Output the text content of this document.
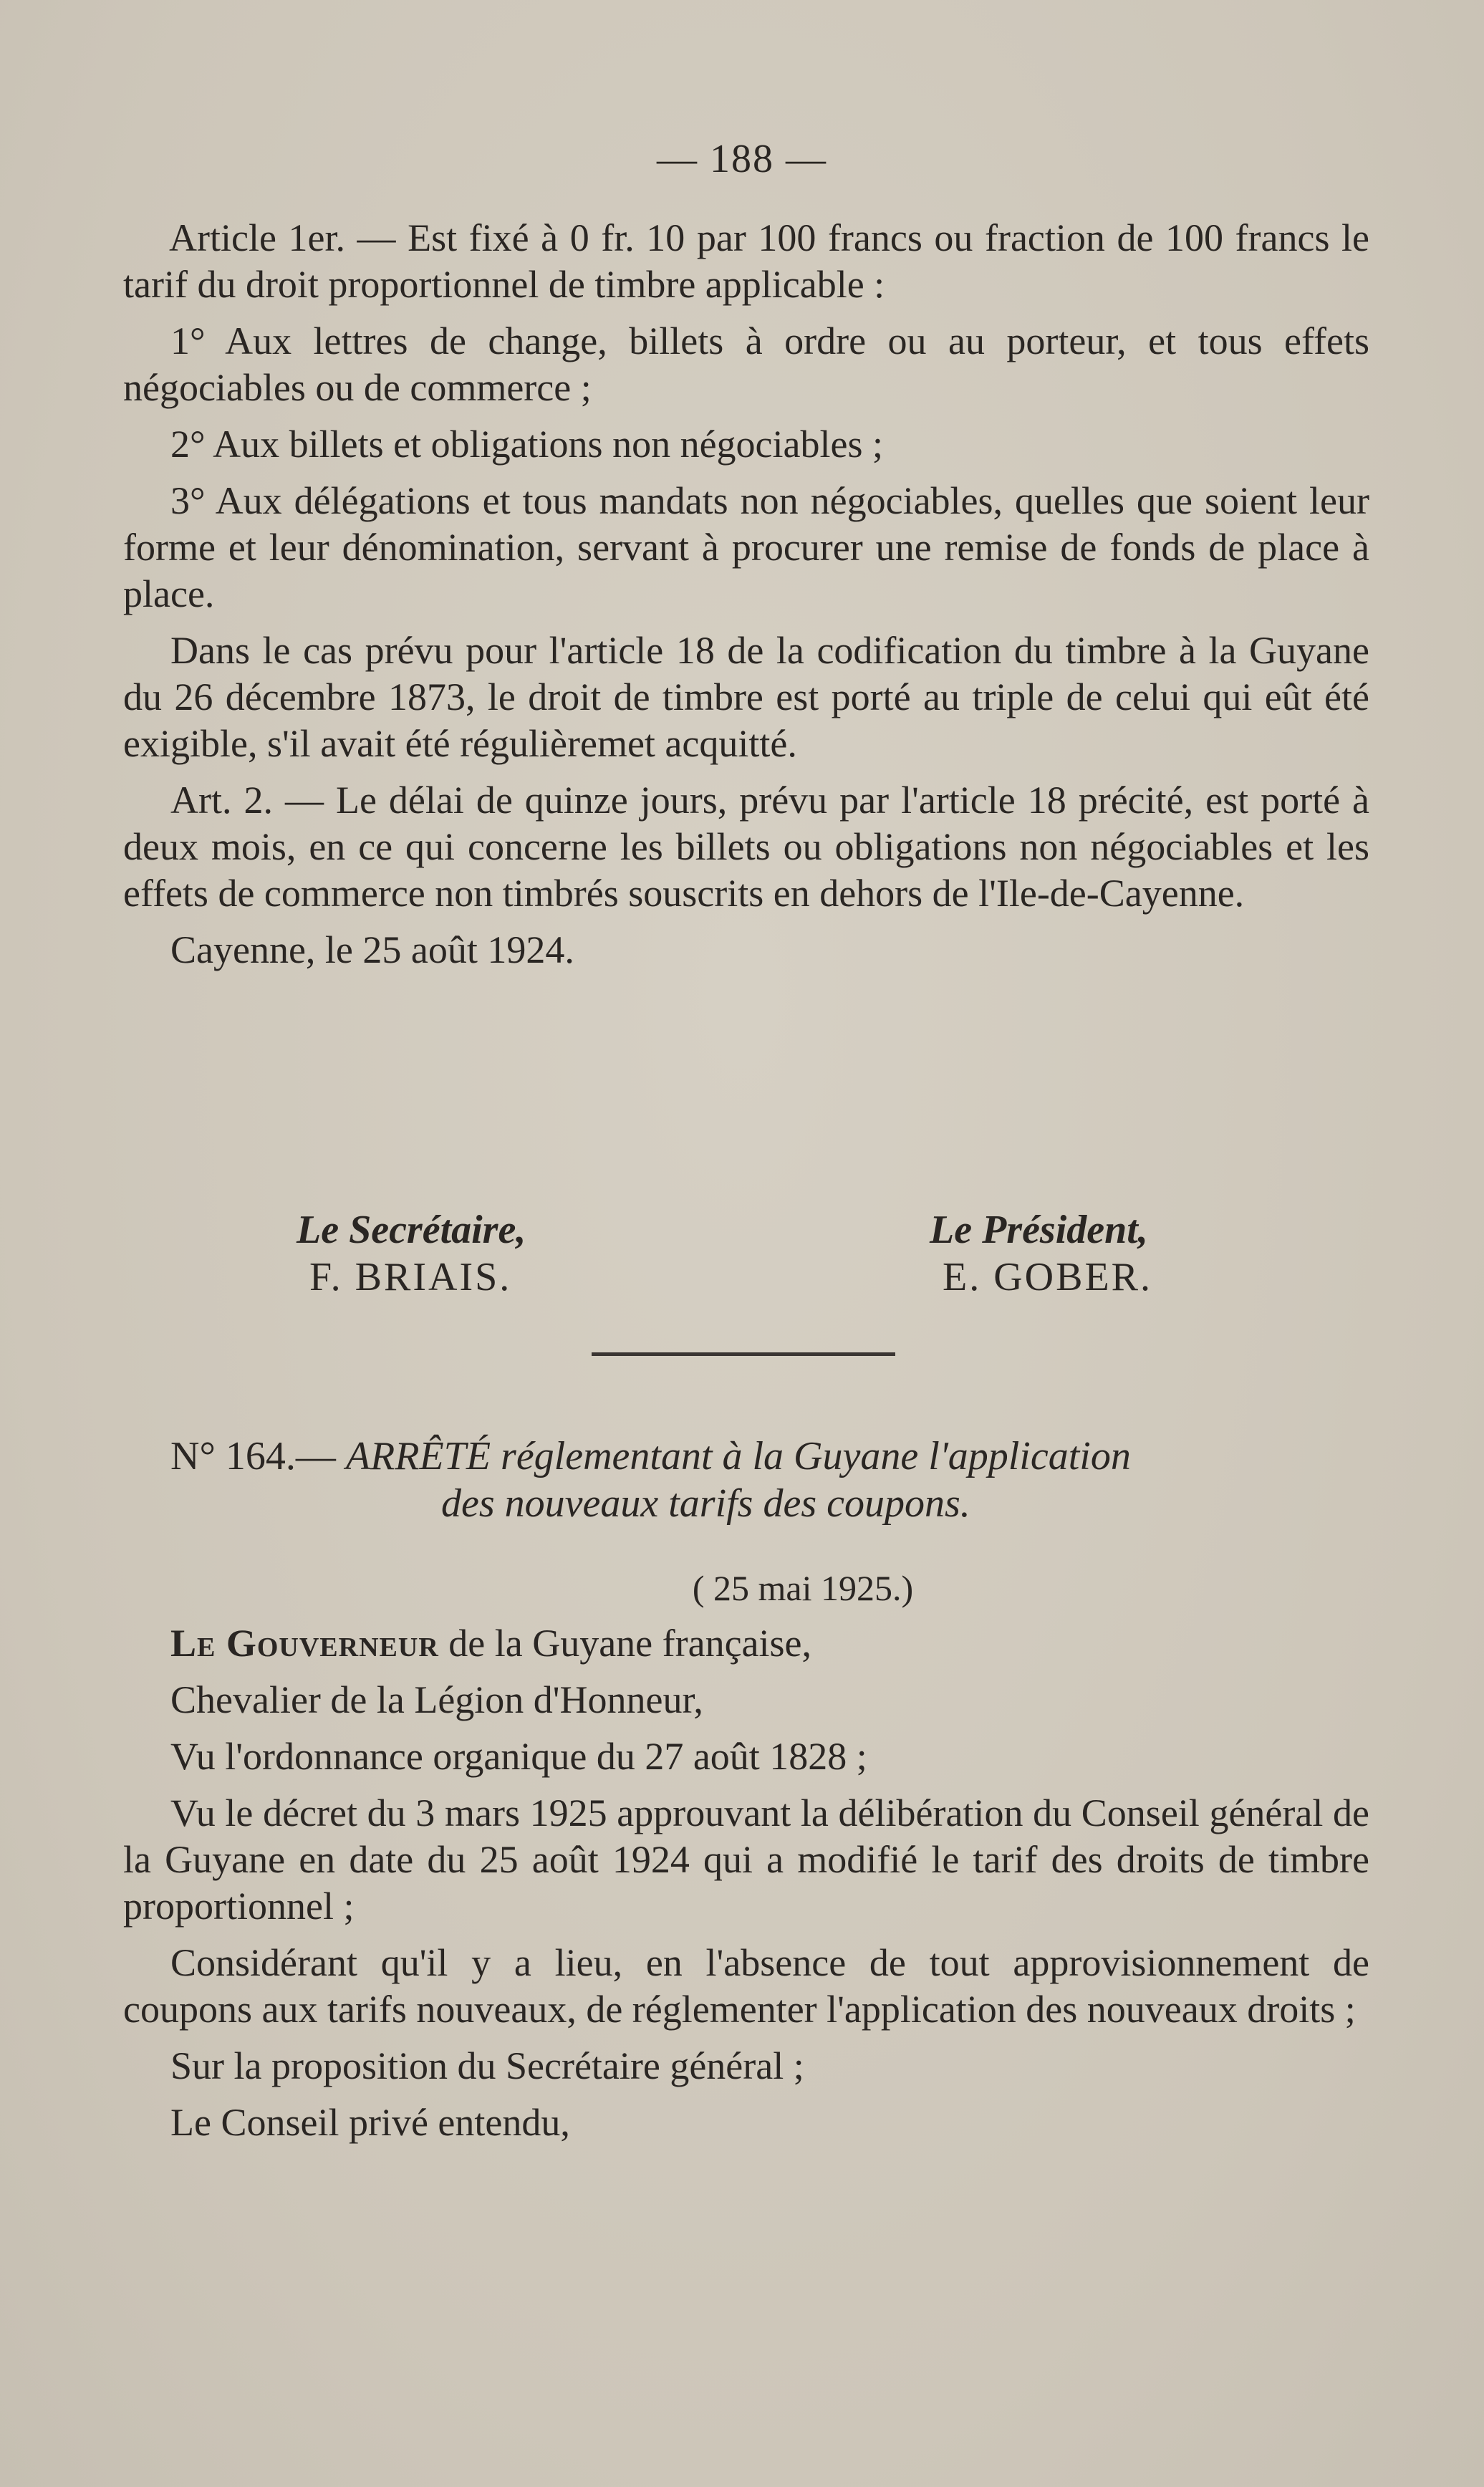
— 188 —

Article 1er. — Est fixé à 0 fr. 10 par 100 francs ou fraction de 100 francs le tarif du droit proportionnel de timbre applicable :

1° Aux lettres de change, billets à ordre ou au porteur, et tous effets négociables ou de commerce ;

2° Aux billets et obligations non négociables ;

3° Aux délégations et tous mandats non négociables, quelles que soient leur forme et leur dénomination, servant à procurer une remise de fonds de place à place.

Dans le cas prévu pour l'article 18 de la codification du timbre à la Guyane du 26 décembre 1873, le droit de timbre est porté au triple de celui qui eût été exigible, s'il avait été régulièremet acquitté.

Art. 2. — Le délai de quinze jours, prévu par l'article 18 précité, est porté à deux mois, en ce qui concerne les billets ou obligations non négociables et les effets de commerce non timbrés souscrits en dehors de l'Ile-de-Cayenne.

Cayenne, le 25 août 1924.

Le Secrétaire,
F. BRIAIS.
Le Président,
E. GOBER.
N° 164.— ARRÊTÉ réglementant à la Guyane l'application
des nouveaux tarifs des coupons.
( 25 mai 1925.)

Le Gouverneur de la Guyane française,

Chevalier de la Légion d'Honneur,

Vu l'ordonnance organique du 27 août 1828 ;

Vu le décret du 3 mars 1925 approuvant la délibération du Conseil général de la Guyane en date du 25 août 1924 qui a modifié le tarif des droits de timbre proportionnel ;

Considérant qu'il y a lieu, en l'absence de tout approvisionnement de coupons aux tarifs nouveaux, de réglementer l'application des nouveaux droits ;

Sur la proposition du Secrétaire général ;

Le Conseil privé entendu,
